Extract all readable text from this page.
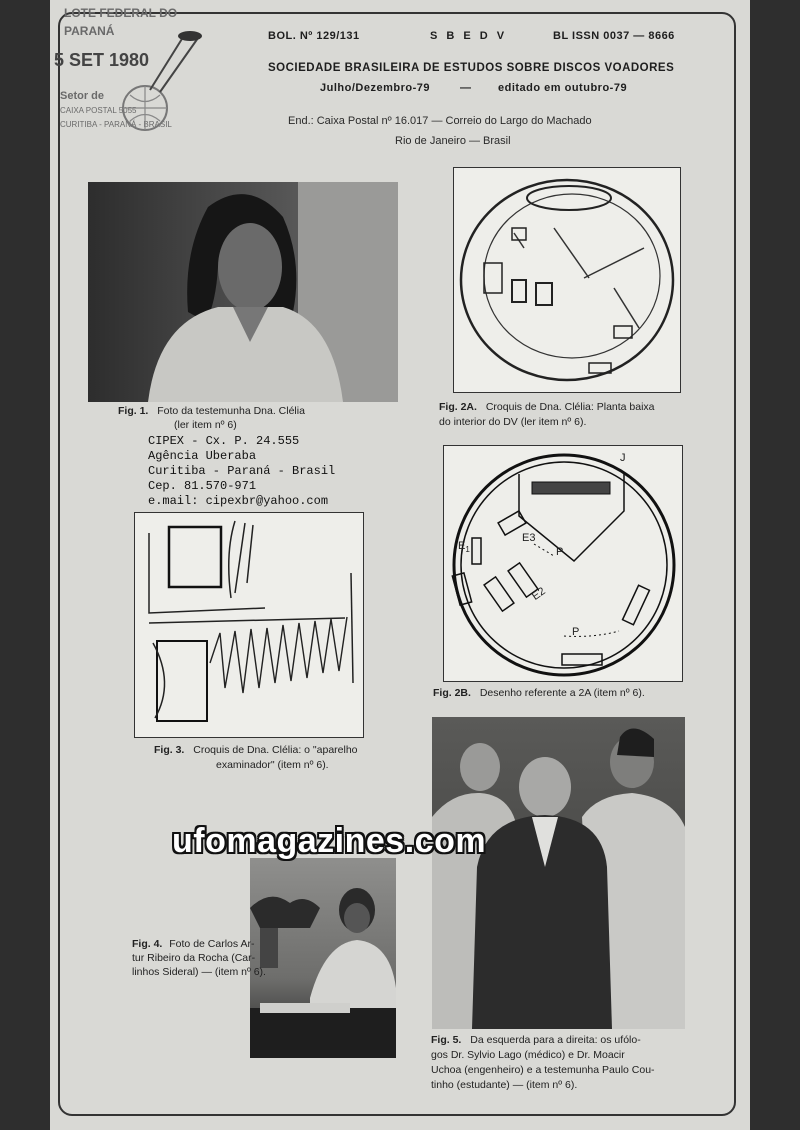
LOTE FEDERAL DO
PARANÁ
5 SET 1980
Setor de
CAIXA POSTAL 5055
CURITIBA - PARANÁ - BRASIL
BOL. Nº 129/131	S B E D V	BL ISSN 0037 — 8666
SOCIEDADE BRASILEIRA DE ESTUDOS SOBRE DISCOS VOADORES
Julho/Dezembro-79	— editado em outubro-79
End.: Caixa Postal nº 16.017 — Correio do Largo do Machado
Rio de Janeiro — Brasil
Fig. 1. Foto da testemunha Dna. Clélia
(ler item nº 6)
CIPEX - Cx. P. 24.555
Agência Uberaba
Curitiba - Paraná - Brasil
Cep. 81.570-971
e.mail: cipexbr@yahoo.com
Fig. 2A. Croquis de Dna. Clélia: Planta baixa
do interior do DV (ler item nº 6).
J
$E_1$
E3
E2
P
P
Fig. 2B. Desenho referente a 2A (item nº 6).
Fig. 3. Croquis de Dna. Clélia: o "aparelho
examinador" (item nº 6).
Fig. 4. Foto de Carlos Ar-
tur Ribeiro da Rocha (Car-
linhos Sideral) — (item nº 6).
Fig. 5. Da esquerda para a direita: os ufólo-
gos Dr. Sylvio Lago (médico) e Dr. Moacir
Uchoa (engenheiro) e a testemunha Paulo Cou-
tinho (estudante) — (item nº 6).
ufomagazines.com
